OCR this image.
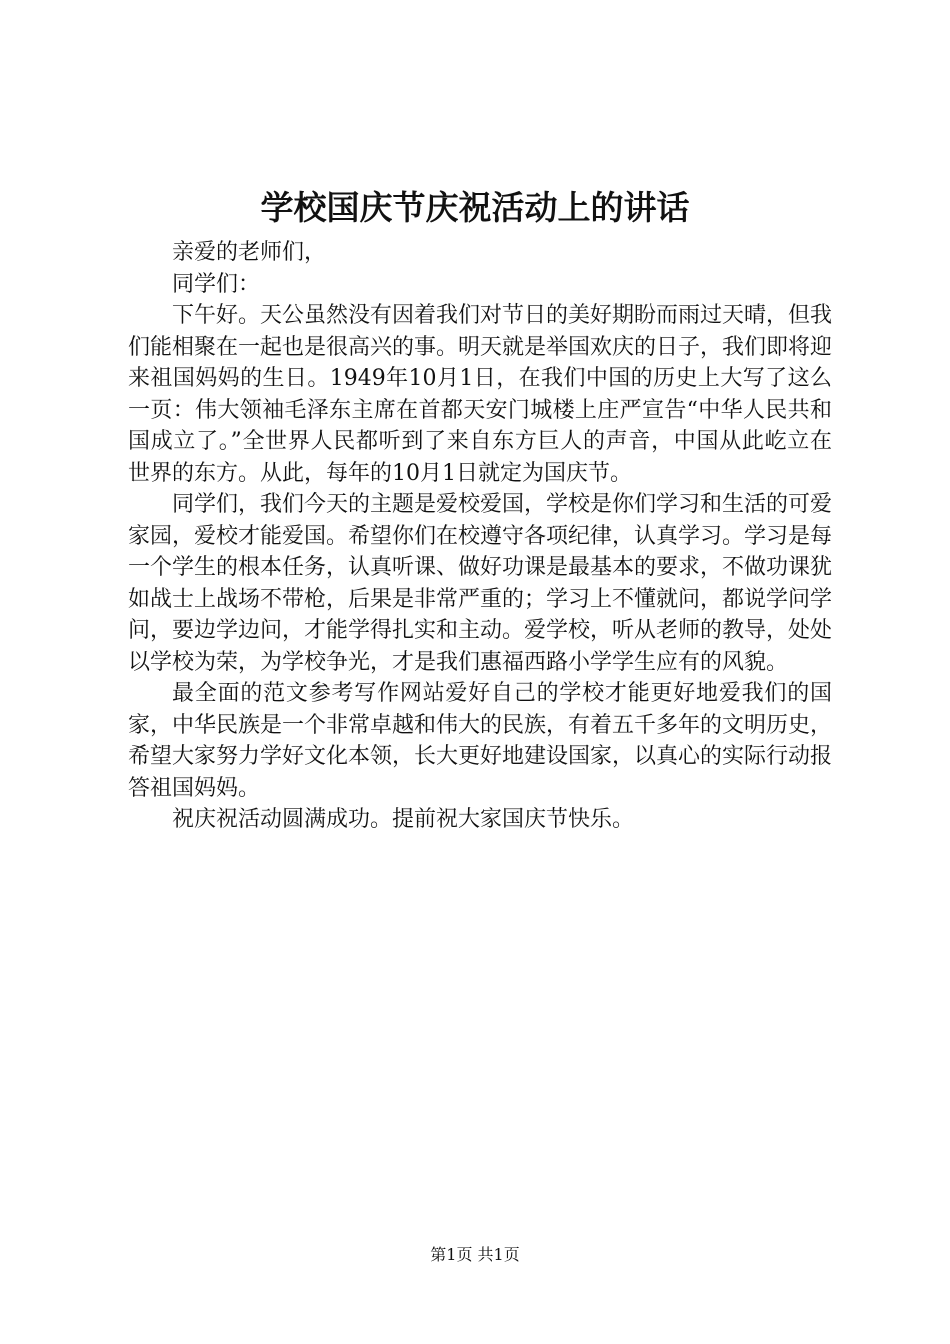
学校国庆节庆祝活动上的讲话

亲爱的老师们，

同学们：

下午好。天公虽然没有因着我们对节日的美好期盼而雨过天晴，但我们能相聚在一起也是很高兴的事。明天就是举国欢庆的日子，我们即将迎来祖国妈妈的生日。1949年10月1日，在我们中国的历史上大写了这么一页：伟大领袖毛泽东主席在首都天安门城楼上庄严宣告“中华人民共和国成立了。”全世界人民都听到了来自东方巨人的声音，中国从此屹立在世界的东方。从此，每年的10月1日就定为国庆节。

同学们，我们今天的主题是爱校爱国，学校是你们学习和生活的可爱家园，爱校才能爱国。希望你们在校遵守各项纪律，认真学习。学习是每一个学生的根本任务，认真听课、做好功课是最基本的要求，不做功课犹如战士上战场不带枪，后果是非常严重的；学习上不懂就问，都说学问学问，要边学边问，才能学得扎实和主动。爱学校，听从老师的教导，处处以学校为荣，为学校争光，才是我们惠福西路小学学生应有的风貌。

最全面的范文参考写作网站爱好自己的学校才能更好地爱我们的国家，中华民族是一个非常卓越和伟大的民族，有着五千多年的文明历史，希望大家努力学好文化本领，长大更好地建设国家，以真心的实际行动报答祖国妈妈。

祝庆祝活动圆满成功。提前祝大家国庆节快乐。

第1页 共1页
